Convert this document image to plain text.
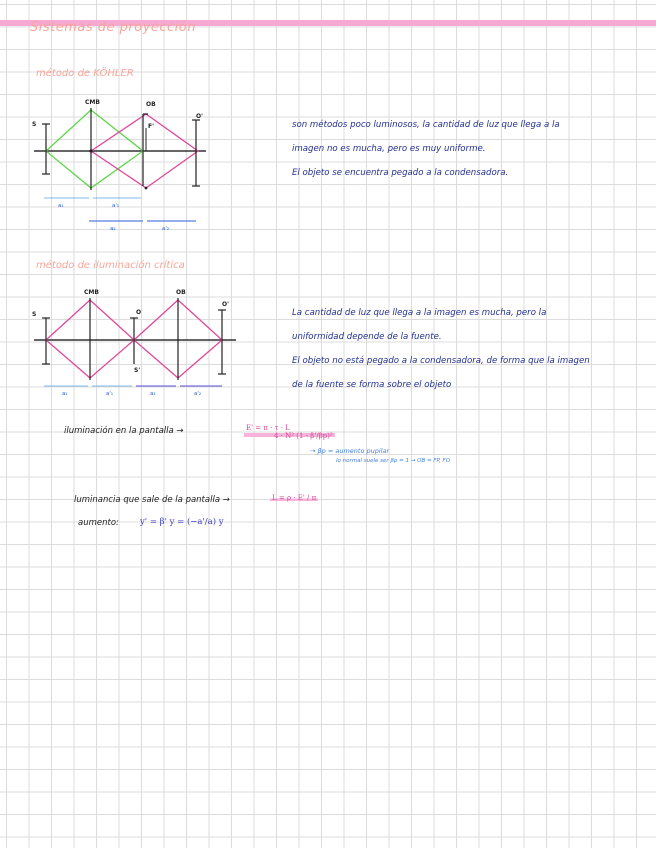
Sistemas de proyección
método de KÖHLER
S
CMB	OB
O'
F'
a₁	a'₁
a₂	a'₂
son métodos poco luminosos, la cantidad de luz que llega a la
imagen no es mucha, pero es muy uniforme.
El objeto se encuentra pegado a la condensadora.
método de iluminación crítica
S
CMB
O
OB
O'
S'
a₁	a'₁	a₂	a'₂
La cantidad de luz que llega a la imagen es mucha, pero la
uniformidad depende de la fuente.
El objeto no está pegado a la condensadora, de forma que la imagen
de la fuente se forma sobre el objeto
iluminación en la pantalla →	E' = π · τ · L
4 · N² (1 - β'/βp)²
→ βp = aumento pupilar
lo normal suele ser βp = 1 → OB = FP, FO
luminancia que sale de la pantalla →	L = ρ · E' / π
aumento: y' = β' y = (−a'/a) y
